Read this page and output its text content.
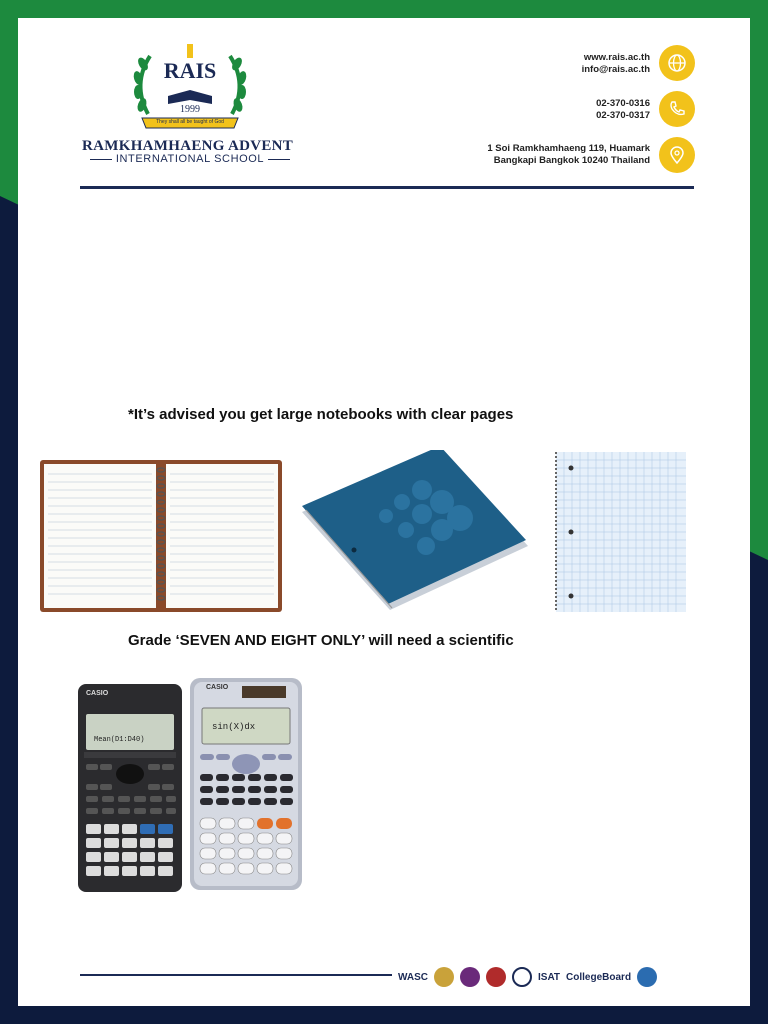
RAIS
1999
They shall all be taught of God
RAMKHAMHAENG ADVENT
INTERNATIONAL SCHOOL
www.rais.ac.th
info@rais.ac.th
02-370-0316
02-370-0317
1 Soi Ramkhamhaeng 119, Huamark
Bangkapi Bangkok 10240 Thailand
*It’s advised you get large notebooks with clear pages
Grade ‘SEVEN AND EIGHT ONLY’ will need a scientific
CASIO
Mean(D1:D40)
CASIO
sin(X)dx
WASC	ISAT CollegeBoard
